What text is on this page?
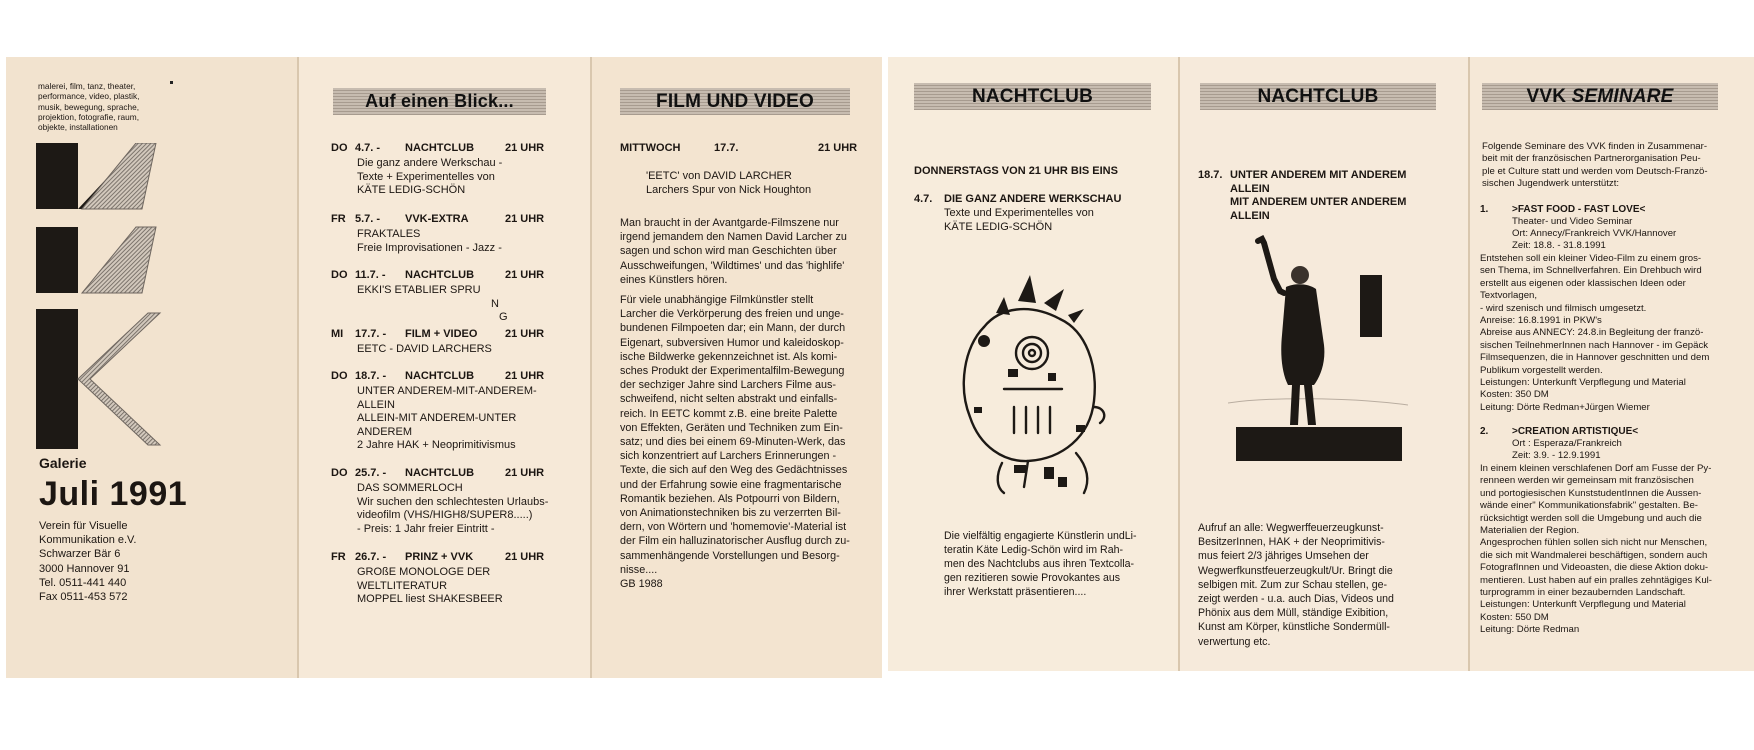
malerei, film, tanz, theater,
performance, video, plastik,
musik, bewegung, sprache,
projektion, fotografie, raum,
objekte, installationen
Galerie
Juli 1991
Verein für Visuelle
Kommunikation e.V.
Schwarzer Bär 6
3000 Hannover 91
Tel. 0511-441 440
Fax 0511-453 572
Auf einen Blick...
DO 4.7. - NACHTCLUB	21 UHR
Die ganz andere Werkschau -
Texte + Experimentelles von
KÄTE LEDIG-SCHÖN
FR 5.7. - VVK-EXTRA	21 UHR
FRAKTALES
Freie Improvisationen - Jazz -
DO 11.7. - NACHTCLUB	21 UHR
EKKI'S ETABLIER SPRU
N
G
MI 17.7. - FILM + VIDEO	21 UHR
EETC - DAVID LARCHERS
DO 18.7. - NACHTCLUB	21 UHR
UNTER ANDEREM-MIT-ANDEREM-
ALLEIN
ALLEIN-MIT ANDEREM-UNTER
ANDEREM
2 Jahre HAK + Neoprimitivismus
DO 25.7. - NACHTCLUB	21 UHR
DAS SOMMERLOCH
Wir suchen den schlechtesten Urlaubs-
videofilm (VHS/HIGH8/SUPER8.....)
- Preis: 1 Jahr freier Eintritt -
FR 26.7. - PRINZ + VVK	21 UHR
GROßE MONOLOGE DER
WELTLITERATUR
MOPPEL liest SHAKESBEER
FILM UND VIDEO
MITTWOCH	17.7.	21 UHR
'EETC' von DAVID LARCHER
Larchers Spur von Nick Houghton

Man braucht in der Avantgarde-Filmszene nur

irgend jemandem den Namen David Larcher zu

sagen und schon wird man Geschichten über

Ausschweifungen, 'Wildtimes' und das 'highlife'

eines Künstlers hören.

Für viele unabhängige Filmkünstler stellt

Larcher die Verkörperung des freien und unge-

bundenen Filmpoeten dar; ein Mann, der durch

Eigenart, subversiven Humor und kaleidoskop-

ische Bildwerke gekennzeichnet ist. Als komi-

sches Produkt der Experimentalfilm-Bewegung

der sechziger Jahre sind Larchers Filme aus-

schweifend, nicht selten abstrakt und einfalls-

reich. In EETC kommt z.B. eine breite Palette

von Effekten, Geräten und Techniken zum Ein-

satz; und dies bei einem 69-Minuten-Werk, das

sich konzentriert auf Larchers Erinnerungen -

Texte, die sich auf den Weg des Gedächtnisses

und der Erfahrung sowie eine fragmentarische

Romantik beziehen. Als Potpourri von Bildern,

von Animationstechniken bis zu verzerrten Bil-

dern, von Wörtern und 'homemovie'-Material ist

der Film ein halluzinatorischer Ausflug durch zu-

sammenhängende Vorstellungen und Besorg-

nisse....

GB 1988

NACHTCLUB
DONNERSTAGS VON 21 UHR BIS EINS
4.7. DIE GANZ ANDERE WERKSCHAU
Texte und Experimentelles von
KÄTE LEDIG-SCHÖN

Die vielfältig engagierte Künstlerin undLi-

teratin Käte Ledig-Schön wird im Rah-

men des Nachtclubs aus ihren Textcolla-

gen rezitieren sowie Provokantes aus

ihrer Werkstatt präsentieren....

NACHTCLUB
18.7. UNTER ANDEREM MIT ANDEREM
ALLEIN
MIT ANDEREM UNTER ANDEREM
ALLEIN

Aufruf an alle: Wegwerffeuerzeugkunst-

BesitzerInnen, HAK + der Neoprimitivis-

mus feiert 2/3 jähriges Umsehen der

Wegwerfkunstfeuerzeugkult/Ur. Bringt die

selbigen mit. Zum zur Schau stellen, ge-

zeigt werden - u.a. auch Dias, Videos und

Phönix aus dem Müll, ständige Exibition,

Kunst am Körper, künstliche Sondermüll-

verwertung etc.

VVK SEMINARE

Folgende Seminare des VVK finden in Zusammenar-

beit mit der französischen Partnerorganisation Peu-

ple et Culture statt und werden vom Deutsch-Franzö-

sischen Jugendwerk unterstützt:

1. >FAST FOOD - FAST LOVE<

Theater- und Video Seminar

Ort: Annecy/Frankreich VVK/Hannover

Zeit: 18.8. - 31.8.1991

Entstehen soll ein kleiner Video-Film zu einem gros-

sen Thema, im Schnellverfahren. Ein Drehbuch wird

erstellt aus eigenen oder klassischen Ideen oder

Textvorlagen,

- wird szenisch und filmisch umgesetzt.

Anreise: 16.8.1991 in PKW's

Abreise aus ANNECY: 24.8.in Begleitung der franzö-

sischen TeilnehmerInnen nach Hannover - im Gepäck

Filmsequenzen, die in Hannover geschnitten und dem

Publikum vorgestellt werden.

Leistungen: Unterkunft Verpflegung und Material

Kosten: 350 DM

Leitung: Dörte Redman+Jürgen Wiemer

2. >CREATION ARTISTIQUE<

Ort : Esperaza/Frankreich

Zeit: 3.9. - 12.9.1991

In einem kleinen verschlafenen Dorf am Fusse der Py-

renneen werden wir gemeinsam mit französischen

und portogiesischen KunststudentInnen die Aussen-

wände einer" Kommunikationsfabrik" gestalten. Be-

rücksichtigt werden soll die Umgebung und auch die

Materialien der Region.

Angesprochen fühlen sollen sich nicht nur Menschen,

die sich mit Wandmalerei beschäftigen, sondern auch

FotografInnen und Videoasten, die diese Aktion doku-

mentieren. Lust haben auf ein pralles zehntägiges Kul-

turprogramm in einer bezaubernden Landschaft.

Leistungen: Unterkunft Verpflegung und Material

Kosten: 550 DM

Leitung: Dörte Redman
